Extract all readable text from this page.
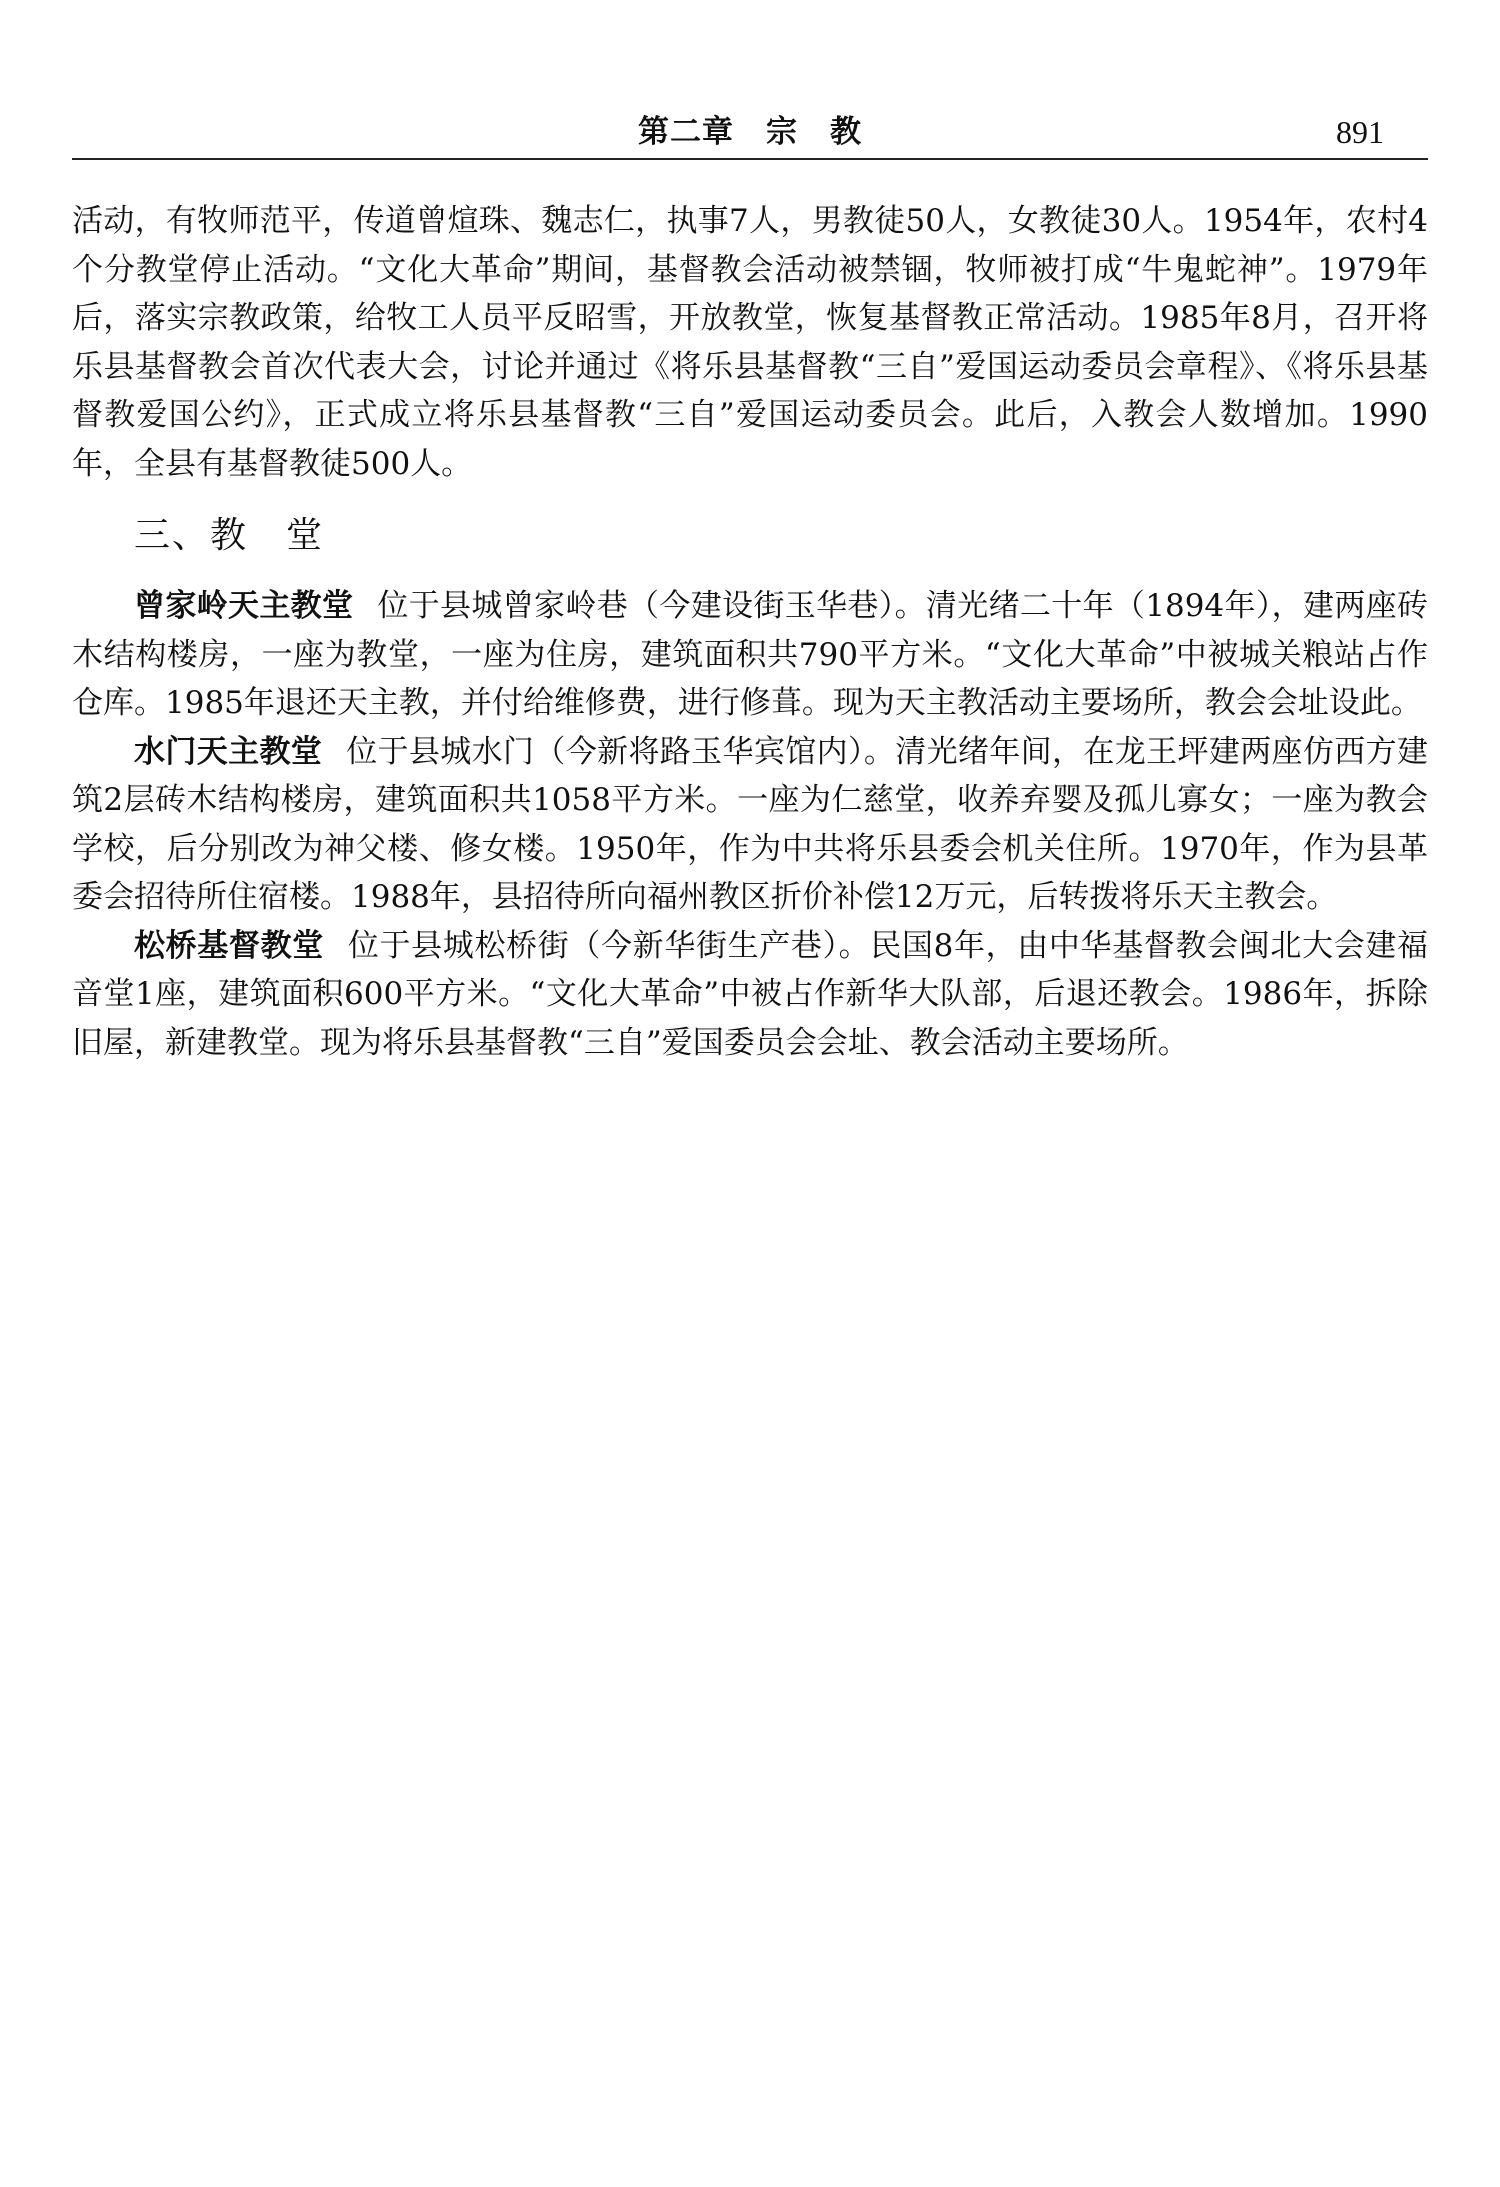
第二章　宗　教	891

活动，有牧师范平，传道曾煊珠、魏志仁，执事7人，男教徒50人，女教徒30人。1954年，农村4个分教堂停止活动。“文化大革命”期间，基督教会活动被禁锢，牧师被打成“牛鬼蛇神”。1979年后，落实宗教政策，给牧工人员平反昭雪，开放教堂，恢复基督教正常活动。1985年8月，召开将乐县基督教会首次代表大会，讨论并通过《将乐县基督教“三自”爱国运动委员会章程》、《将乐县基督教爱国公约》，正式成立将乐县基督教“三自”爱国运动委员会。此后，入教会人数增加。1990年，全县有基督教徒500人。

三、教　堂

曾家岭天主教堂 位于县城曾家岭巷（今建设街玉华巷）。清光绪二十年（1894年），建两座砖木结构楼房，一座为教堂，一座为住房，建筑面积共790平方米。“文化大革命”中被城关粮站占作仓库。1985年退还天主教，并付给维修费，进行修葺。现为天主教活动主要场所，教会会址设此。

水门天主教堂 位于县城水门（今新将路玉华宾馆内）。清光绪年间，在龙王坪建两座仿西方建筑2层砖木结构楼房，建筑面积共1058平方米。一座为仁慈堂，收养弃婴及孤儿寡女；一座为教会学校，后分别改为神父楼、修女楼。1950年，作为中共将乐县委会机关住所。1970年，作为县革委会招待所住宿楼。1988年，县招待所向福州教区折价补偿12万元，后转拨将乐天主教会。

松桥基督教堂 位于县城松桥街（今新华街生产巷）。民国8年，由中华基督教会闽北大会建福音堂1座，建筑面积600平方米。“文化大革命”中被占作新华大队部，后退还教会。1986年，拆除旧屋，新建教堂。现为将乐县基督教“三自”爱国委员会会址、教会活动主要场所。
